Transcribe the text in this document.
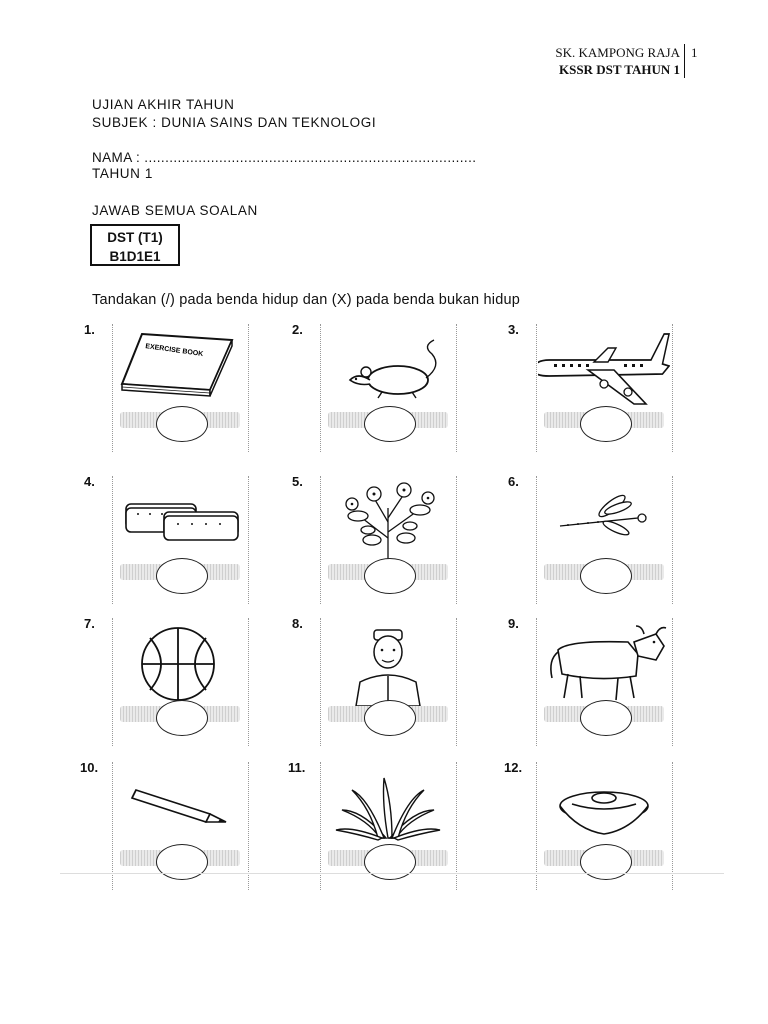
SK. KAMPONG RAJA
KSSR DST TAHUN 1
1
UJIAN AKHIR TAHUN
SUBJEK : DUNIA SAINS DAN TEKNOLOGI
NAMA : ................................................................................
TAHUN 1
JAWAB SEMUA SOALAN
DST (T1)
B1D1E1
Tandakan (/) pada benda hidup dan (X) pada benda bukan hidup
1.
EXERCISE BOOK
2.	3.
4.	5.	6.
7.	8.	9.
10.	11.	12.
